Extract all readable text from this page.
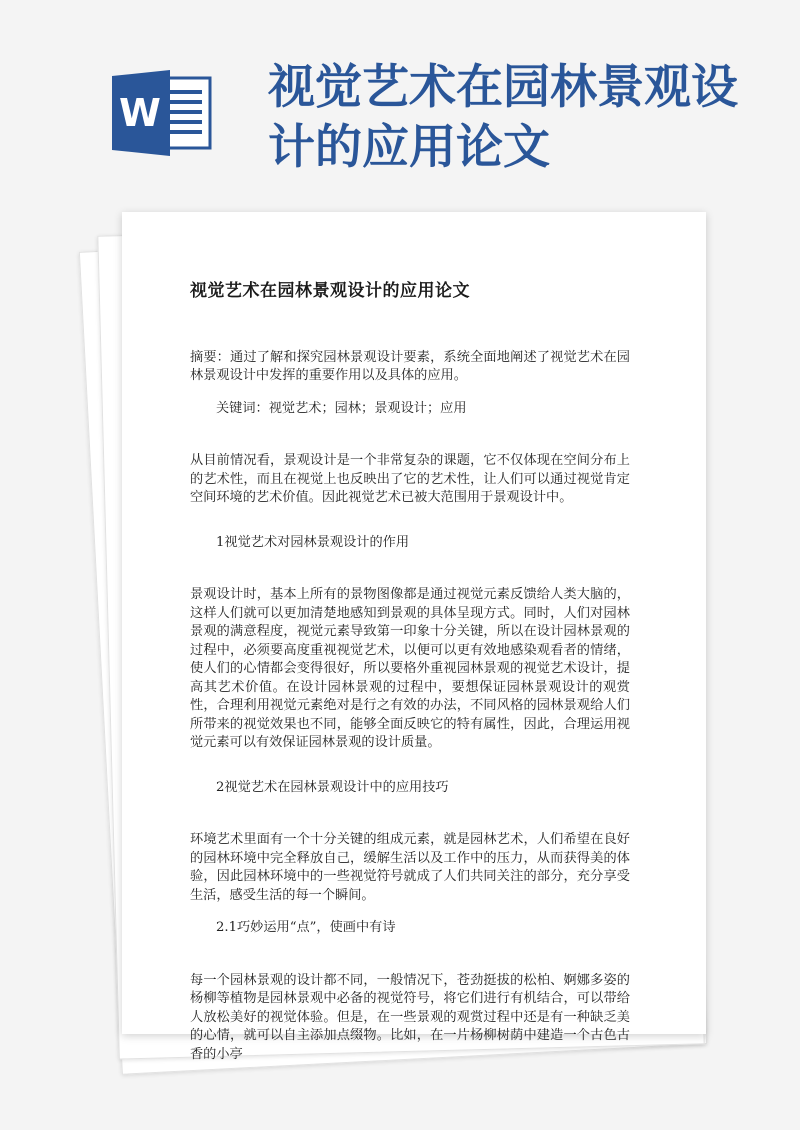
W 视觉艺术在园林景观设计的应用论文
视觉艺术在园林景观设计的应用论文

摘要：通过了解和探究园林景观设计要素，系统全面地阐述了视觉艺术在园林景观设计中发挥的重要作用以及具体的应用。

关键词：视觉艺术；园林；景观设计；应用

从目前情况看，景观设计是一个非常复杂的课题，它不仅体现在空间分布上的艺术性，而且在视觉上也反映出了它的艺术性，让人们可以通过视觉肯定空间环境的艺术价值。因此视觉艺术已被大范围用于景观设计中。

1视觉艺术对园林景观设计的作用

景观设计时，基本上所有的景物图像都是通过视觉元素反馈给人类大脑的，这样人们就可以更加清楚地感知到景观的具体呈现方式。同时，人们对园林景观的满意程度，视觉元素导致第一印象十分关键，所以在设计园林景观的过程中，必须要高度重视视觉艺术，以便可以更有效地感染观看者的情绪，使人们的心情都会变得很好，所以要格外重视园林景观的视觉艺术设计，提高其艺术价值。在设计园林景观的过程中，要想保证园林景观设计的观赏性，合理利用视觉元素绝对是行之有效的办法，不同风格的园林景观给人们所带来的视觉效果也不同，能够全面反映它的特有属性，因此，合理运用视觉元素可以有效保证园林景观的设计质量。

2视觉艺术在园林景观设计中的应用技巧

环境艺术里面有一个十分关键的组成元素，就是园林艺术，人们希望在良好的园林环境中完全释放自己，缓解生活以及工作中的压力，从而获得美的体验，因此园林环境中的一些视觉符号就成了人们共同关注的部分，充分享受生活，感受生活的每一个瞬间。

2.1巧妙运用“点”，使画中有诗

每一个园林景观的设计都不同，一般情况下，苍劲挺拔的松柏、婀娜多姿的杨柳等植物是园林景观中必备的视觉符号，将它们进行有机结合，可以带给人放松美好的视觉体验。但是，在一些景观的观赏过程中还是有一种缺乏美的心情，就可以自主添加点缀物。比如，在一片杨柳树荫中建造一个古色古香的小亭
